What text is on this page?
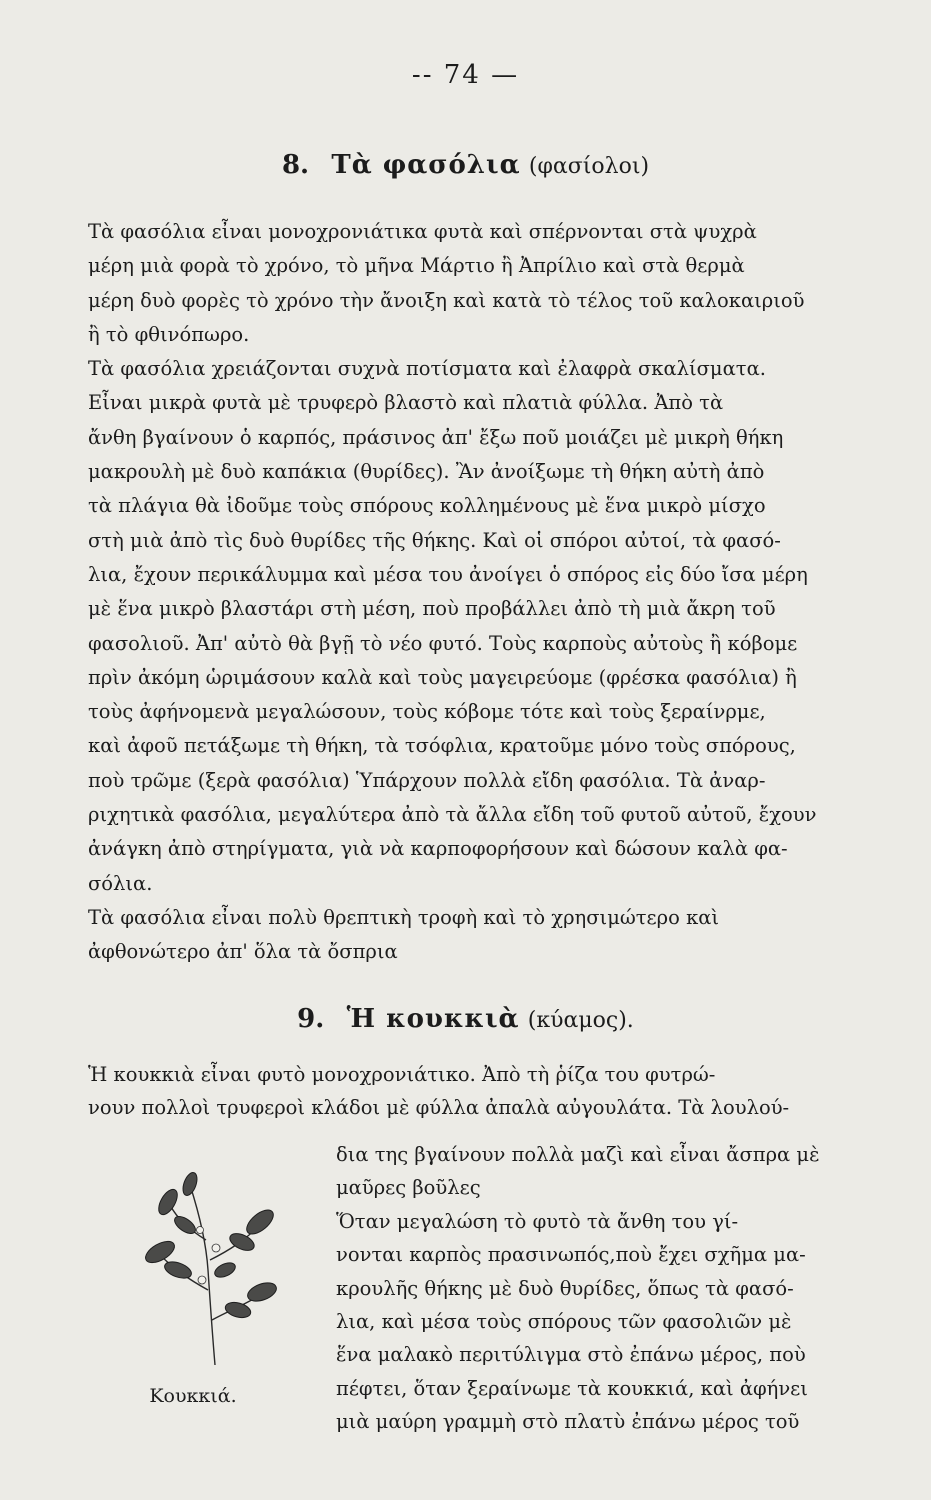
-- 74 —
8. Τὰ φασόλια (φασίολοι)
Τὰ φασόλια εἶναι μονοχρονιάτικα φυτὰ καὶ σπέρνονται στὰ ψυχρὰ
μέρη μιὰ φορὰ τὸ χρόνο, τὸ μῆνα Μάρτιο ἢ Ἀπρίλιο καὶ στὰ θερμὰ
μέρη δυὸ φορὲς τὸ χρόνο τὴν ἄνοιξη καὶ κατὰ τὸ τέλος τοῦ καλοκαιριοῦ
ἢ τὸ φθινόπωρο.
Τὰ φασόλια χρειάζονται συχνὰ ποτίσματα καὶ ἐλαφρὰ σκαλίσματα.
Εἶναι μικρὰ φυτὰ μὲ τρυφερὸ βλαστὸ καὶ πλατιὰ φύλλα. Ἀπὸ τὰ
ἄνθη βγαίνουν ὁ καρπός, πράσινος ἀπ' ἔξω ποῦ μοιάζει μὲ μικρὴ θήκη
μακρουλὴ μὲ δυὸ καπάκια (θυρίδες). Ἂν ἀνοίξωμε τὴ θήκη αὐτὴ ἀπὸ
τὰ πλάγια θὰ ἰδοῦμε τοὺς σπόρους κολλημένους μὲ ἕνα μικρὸ μίσχο
στὴ μιὰ ἀπὸ τὶς δυὸ θυρίδες τῆς θήκης. Καὶ οἱ σπόροι αὐτοί, τὰ φασό-
λια, ἔχουν περικάλυμμα καὶ μέσα του ἀνοίγει ὁ σπόρος εἰς δύο ἴσα μέρη
μὲ ἕνα μικρὸ βλαστάρι στὴ μέση, ποὺ προβάλλει ἀπὸ τὴ μιὰ ἄκρη τοῦ
φασολιοῦ. Ἀπ' αὐτὸ θὰ βγῇ τὸ νέο φυτό. Τοὺς καρποὺς αὐτοὺς ἢ κόβομε
πρὶν ἀκόμη ὡριμάσουν καλὰ καὶ τοὺς μαγειρεύομε (φρέσκα φασόλια) ἢ
τοὺς ἀφήνομενὰ μεγαλώσουν, τοὺς κόβομε τότε καὶ τοὺς ξεραίνρμε,
καὶ ἀφοῦ πετάξωμε τὴ θήκη, τὰ τσόφλια, κρατοῦμε μόνο τοὺς σπόρους,
ποὺ τρῶμε (ξερὰ φασόλια) Ὑπάρχουν πολλὰ εἴδη φασόλια. Τὰ ἀναρ-
ριχητικὰ φασόλια, μεγαλύτερα ἀπὸ τὰ ἄλλα εἴδη τοῦ φυτοῦ αὐτοῦ, ἔχουν
ἀνάγκη ἀπὸ στηρίγματα, γιὰ νὰ καρποφορήσουν καὶ δώσουν καλὰ φα-
σόλια.
Τὰ φασόλια εἶναι πολὺ θρεπτικὴ τροφὴ καὶ τὸ χρησιμώτερο καὶ
ἀφθονώτερο ἀπ' ὅλα τὰ ὄσπρια
9. Ἡ κουκκιὰ (κύαμος).
Ἡ κουκκιὰ εἶναι φυτὸ μονοχρονιάτικο. Ἀπὸ τὴ ῥίζα του φυτρώ-
νουν πολλοὶ τρυφεροὶ κλάδοι μὲ φύλλα ἀπαλὰ αὐγουλάτα. Τὰ λουλού-
δια της βγαίνουν πολλὰ μαζὶ καὶ εἶναι ἄσπρα μὲ
μαῦρες βοῦλες
Ὅταν μεγαλώση τὸ φυτὸ τὰ ἄνθη του γί-
νονται καρπὸς πρασινωπός,ποὺ ἔχει σχῆμα μα-
κρουλῆς θήκης μὲ δυὸ θυρίδες, ὅπως τὰ φασό-
λια, καὶ μέσα τοὺς σπόρους τῶν φασολιῶν μὲ
ἕνα μαλακὸ περιτύλιγμα στὸ ἐπάνω μέρος, ποὺ
πέφτει, ὅταν ξεραίνωμε τὰ κουκκιά, καὶ ἀφήνει
μιὰ μαύρη γραμμὴ στὸ πλατὺ ἐπάνω μέρος τοῦ
Κουκκιά.
